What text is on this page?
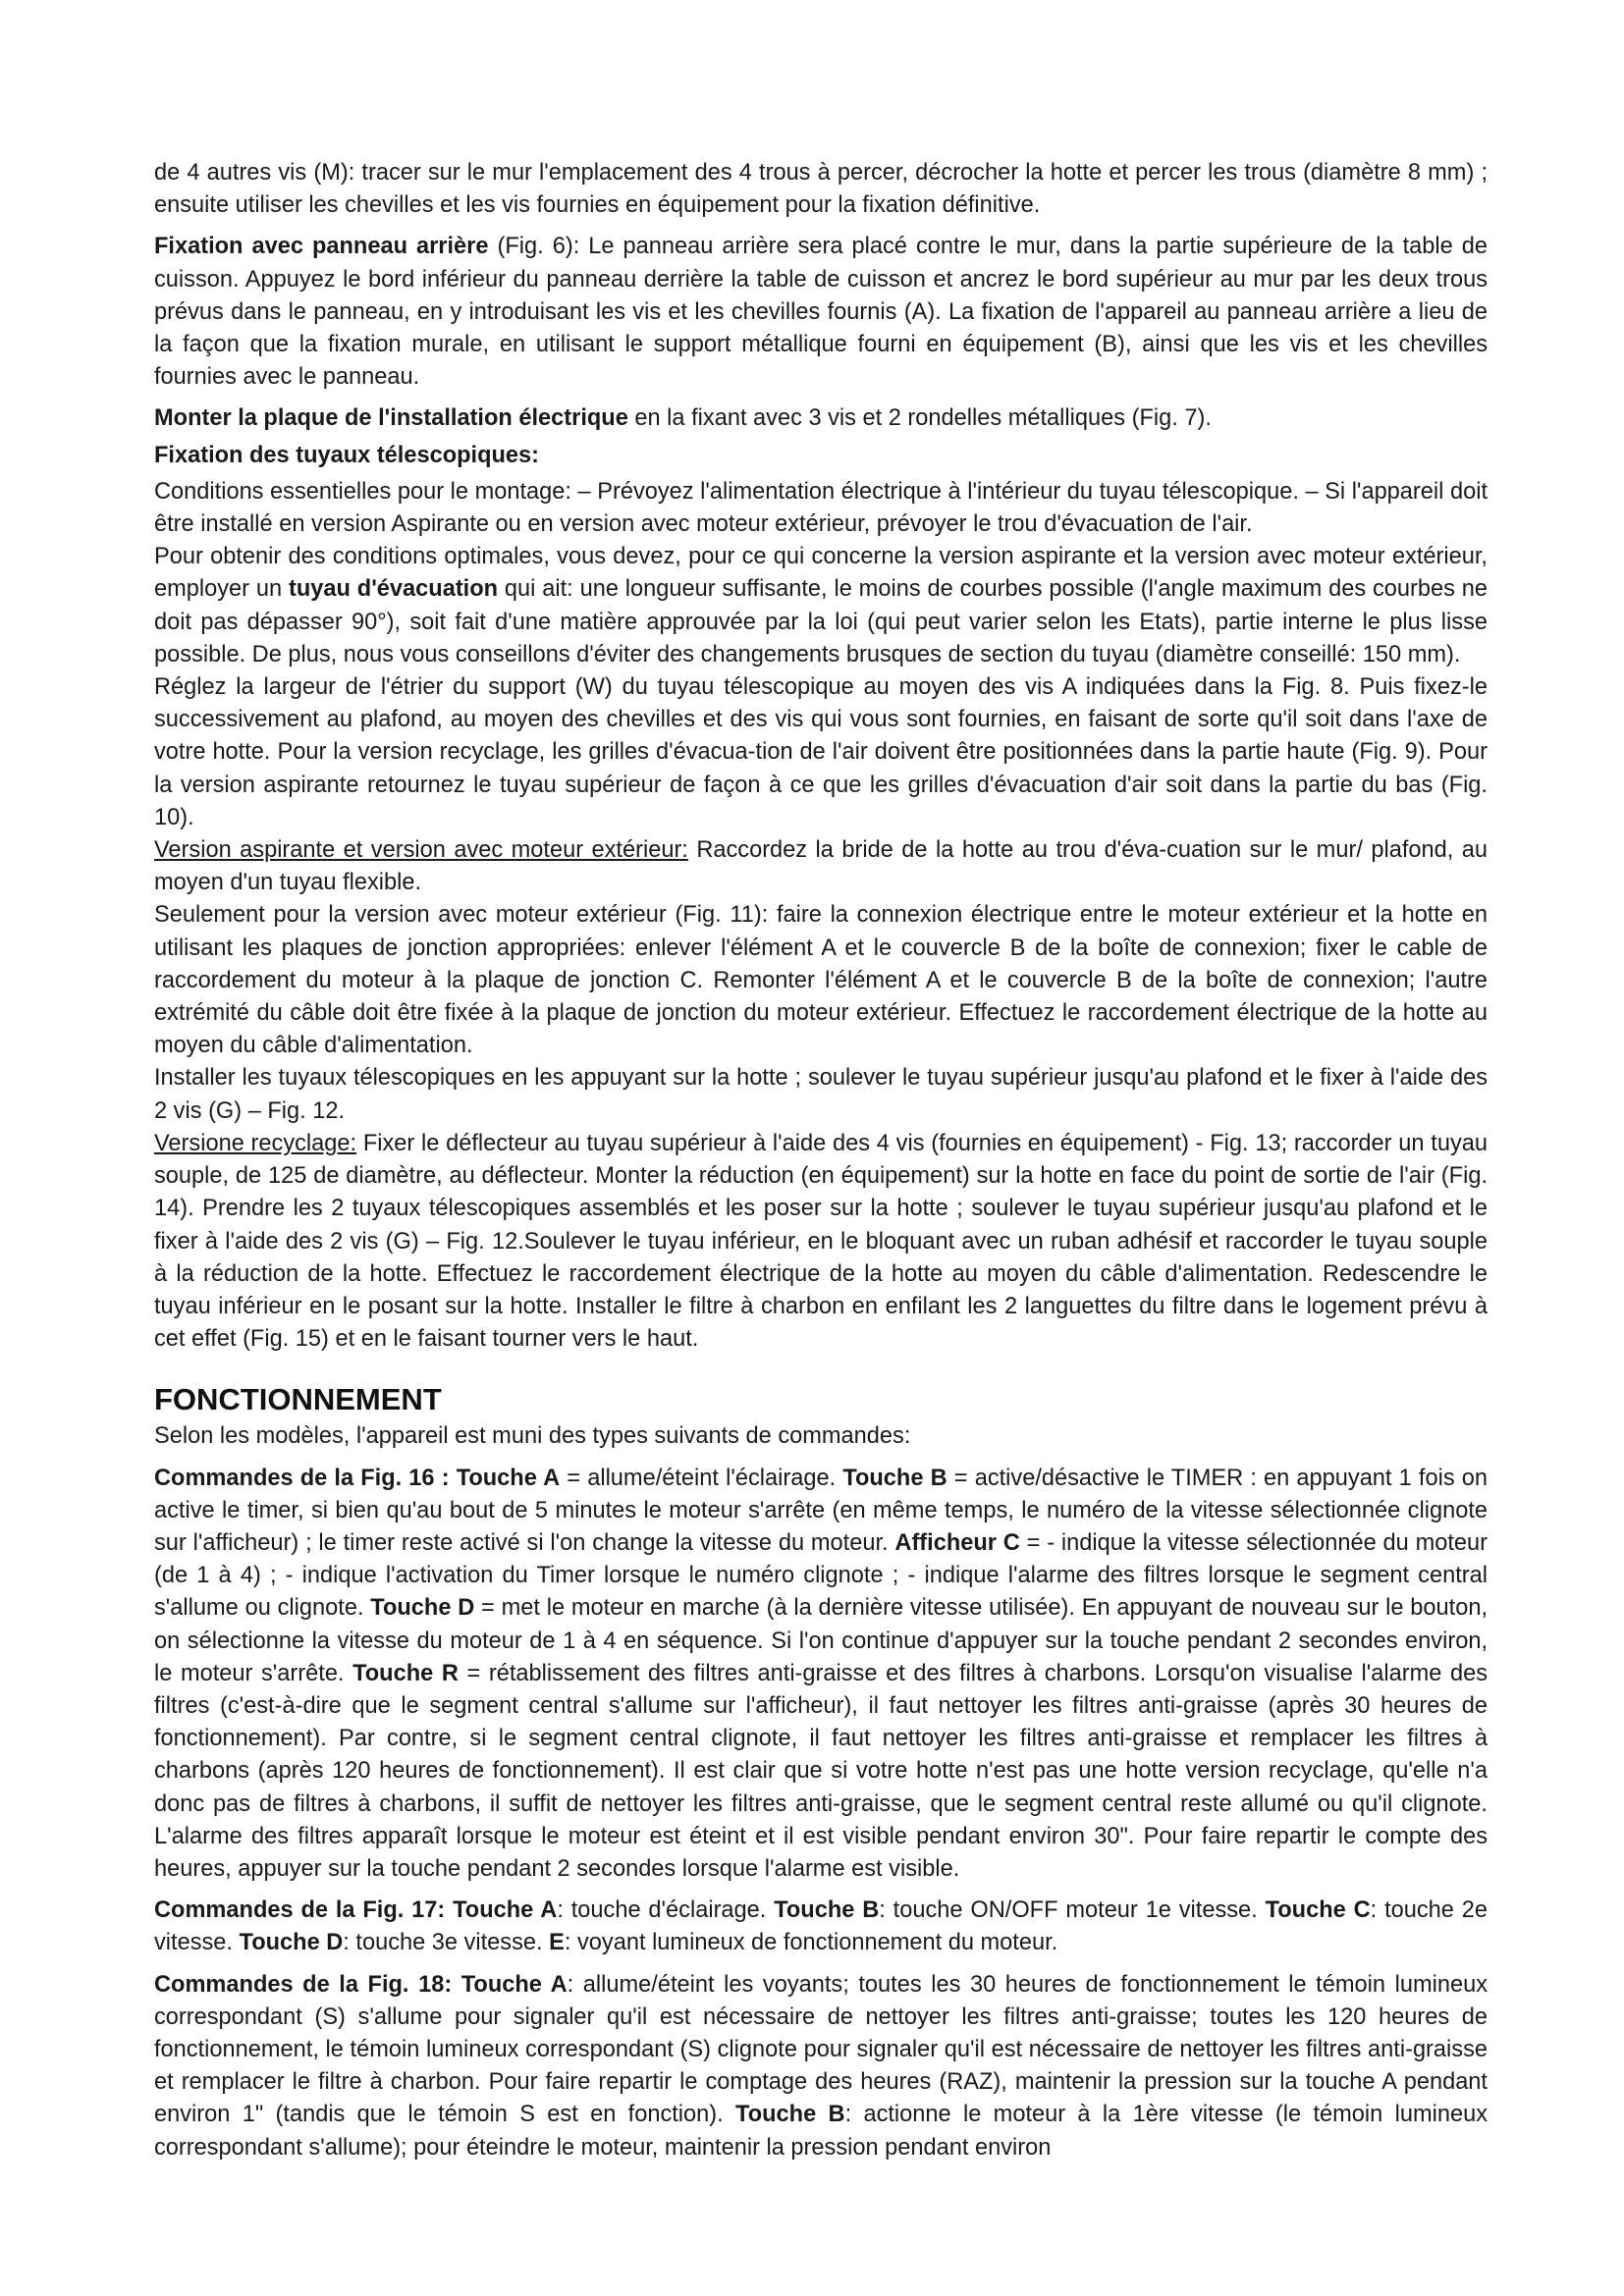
de 4 autres vis (M): tracer sur le mur l'emplacement des 4 trous à percer, décrocher la hotte et percer les trous (diamètre 8 mm) ; ensuite utiliser les chevilles et les vis fournies en équipement pour la fixation définitive.

Fixation avec panneau arrière (Fig. 6): Le panneau arrière sera placé contre le mur, dans la partie supérieure de la table de cuisson. Appuyez le bord inférieur du panneau derrière la table de cuisson et ancrez le bord supérieur au mur par les deux trous prévus dans le panneau, en y introduisant les vis et les chevilles fournis (A). La fixation de l'appareil au panneau arrière a lieu de la façon que la fixation murale, en utilisant le support métallique fourni en équipement (B), ainsi que les vis et les chevilles fournies avec le panneau.

Monter la plaque de l'installation électrique en la fixant avec 3 vis et 2 rondelles métalliques (Fig. 7).

Fixation des tuyaux télescopiques:

Conditions essentielles pour le montage: – Prévoyez l'alimentation électrique à l'intérieur du tuyau télescopique. – Si l'appareil doit être installé en version Aspirante ou en version avec moteur extérieur, prévoyer le trou d'évacuation de l'air.

Pour obtenir des conditions optimales, vous devez, pour ce qui concerne la version aspirante et la version avec moteur extérieur, employer un tuyau d'évacuation qui ait: une longueur suffisante, le moins de courbes possible (l'angle maximum des courbes ne doit pas dépasser 90°), soit fait d'une matière approuvée par la loi (qui peut varier selon les Etats), partie interne le plus lisse possible. De plus, nous vous conseillons d'éviter des changements brusques de section du tuyau (diamètre conseillé: 150 mm).

Réglez la largeur de l'étrier du support (W) du tuyau télescopique au moyen des vis A indiquées dans la Fig. 8. Puis fixez-le successivement au plafond, au moyen des chevilles et des vis qui vous sont fournies, en faisant de sorte qu'il soit dans l'axe de votre hotte. Pour la version recyclage, les grilles d'évacua-tion de l'air doivent être positionnées dans la partie haute (Fig. 9). Pour la version aspirante retournez le tuyau supérieur de façon à ce que les grilles d'évacuation d'air soit dans la partie du bas (Fig. 10).

Version aspirante et version avec moteur extérieur: Raccordez la bride de la hotte au trou d'éva-cuation sur le mur/ plafond, au moyen d'un tuyau flexible.

Seulement pour la version avec moteur extérieur (Fig. 11): faire la connexion électrique entre le moteur extérieur et la hotte en utilisant les plaques de jonction appropriées: enlever l'élément A et le couvercle B de la boîte de connexion; fixer le cable de raccordement du moteur à la plaque de jonction C. Remonter l'élément A et le couvercle B de la boîte de connexion; l'autre extrémité du câble doit être fixée à la plaque de jonction du moteur extérieur. Effectuez le raccordement électrique de la hotte au moyen du câble d'alimentation.

Installer les tuyaux télescopiques en les appuyant sur la hotte ; soulever le tuyau supérieur jusqu'au plafond et le fixer à l'aide des 2 vis (G) – Fig. 12.

Versione recyclage: Fixer le déflecteur au tuyau supérieur à l'aide des 4 vis (fournies en équipement) - Fig. 13; raccorder un tuyau souple, de 125 de diamètre, au déflecteur. Monter la réduction (en équipement) sur la hotte en face du point de sortie de l'air (Fig. 14). Prendre les 2 tuyaux télescopiques assemblés et les poser sur la hotte ; soulever le tuyau supérieur jusqu'au plafond et le fixer à l'aide des 2 vis (G) – Fig. 12.Soulever le tuyau inférieur, en le bloquant avec un ruban adhésif et raccorder le tuyau souple à la réduction de la hotte. Effectuez le raccordement électrique de la hotte au moyen du câble d'alimentation. Redescendre le tuyau inférieur en le posant sur la hotte. Installer le filtre à charbon en enfilant les 2 languettes du filtre dans le logement prévu à cet effet (Fig. 15) et en le faisant tourner vers le haut.

FONCTIONNEMENT

Selon les modèles, l'appareil est muni des types suivants de commandes:

Commandes de la Fig. 16 : Touche A = allume/éteint l'éclairage. Touche B = active/désactive le TIMER : en appuyant 1 fois on active le timer, si bien qu'au bout de 5 minutes le moteur s'arrête (en même temps, le numéro de la vitesse sélectionnée clignote sur l'afficheur) ; le timer reste activé si l'on change la vitesse du moteur. Afficheur C = - indique la vitesse sélectionnée du moteur (de 1 à 4) ; - indique l'activation du Timer lorsque le numéro clignote ; - indique l'alarme des filtres lorsque le segment central s'allume ou clignote. Touche D = met le moteur en marche (à la dernière vitesse utilisée). En appuyant de nouveau sur le bouton, on sélectionne la vitesse du moteur de 1 à 4 en séquence. Si l'on continue d'appuyer sur la touche pendant 2 secondes environ, le moteur s'arrête. Touche R = rétablissement des filtres anti-graisse et des filtres à charbons. Lorsqu'on visualise l'alarme des filtres (c'est-à-dire que le segment central s'allume sur l'afficheur), il faut nettoyer les filtres anti-graisse (après 30 heures de fonctionnement). Par contre, si le segment central clignote, il faut nettoyer les filtres anti-graisse et remplacer les filtres à charbons (après 120 heures de fonctionnement). Il est clair que si votre hotte n'est pas une hotte version recyclage, qu'elle n'a donc pas de filtres à charbons, il suffit de nettoyer les filtres anti-graisse, que le segment central reste allumé ou qu'il clignote. L'alarme des filtres apparaît lorsque le moteur est éteint et il est visible pendant environ 30". Pour faire repartir le compte des heures, appuyer sur la touche pendant 2 secondes lorsque l'alarme est visible.

Commandes de la Fig. 17: Touche A: touche d'éclairage. Touche B: touche ON/OFF moteur 1e vitesse. Touche C: touche 2e vitesse. Touche D: touche 3e vitesse. E: voyant lumineux de fonctionnement du moteur.

Commandes de la Fig. 18: Touche A: allume/éteint les voyants; toutes les 30 heures de fonctionnement le témoin lumineux correspondant (S) s'allume pour signaler qu'il est nécessaire de nettoyer les filtres anti-graisse; toutes les 120 heures de fonctionnement, le témoin lumineux correspondant (S) clignote pour signaler qu'il est nécessaire de nettoyer les filtres anti-graisse et remplacer le filtre à charbon. Pour faire repartir le comptage des heures (RAZ), maintenir la pression sur la touche A pendant environ 1" (tandis que le témoin S est en fonction). Touche B: actionne le moteur à la 1ère vitesse (le témoin lumineux correspondant s'allume); pour éteindre le moteur, maintenir la pression pendant environ
